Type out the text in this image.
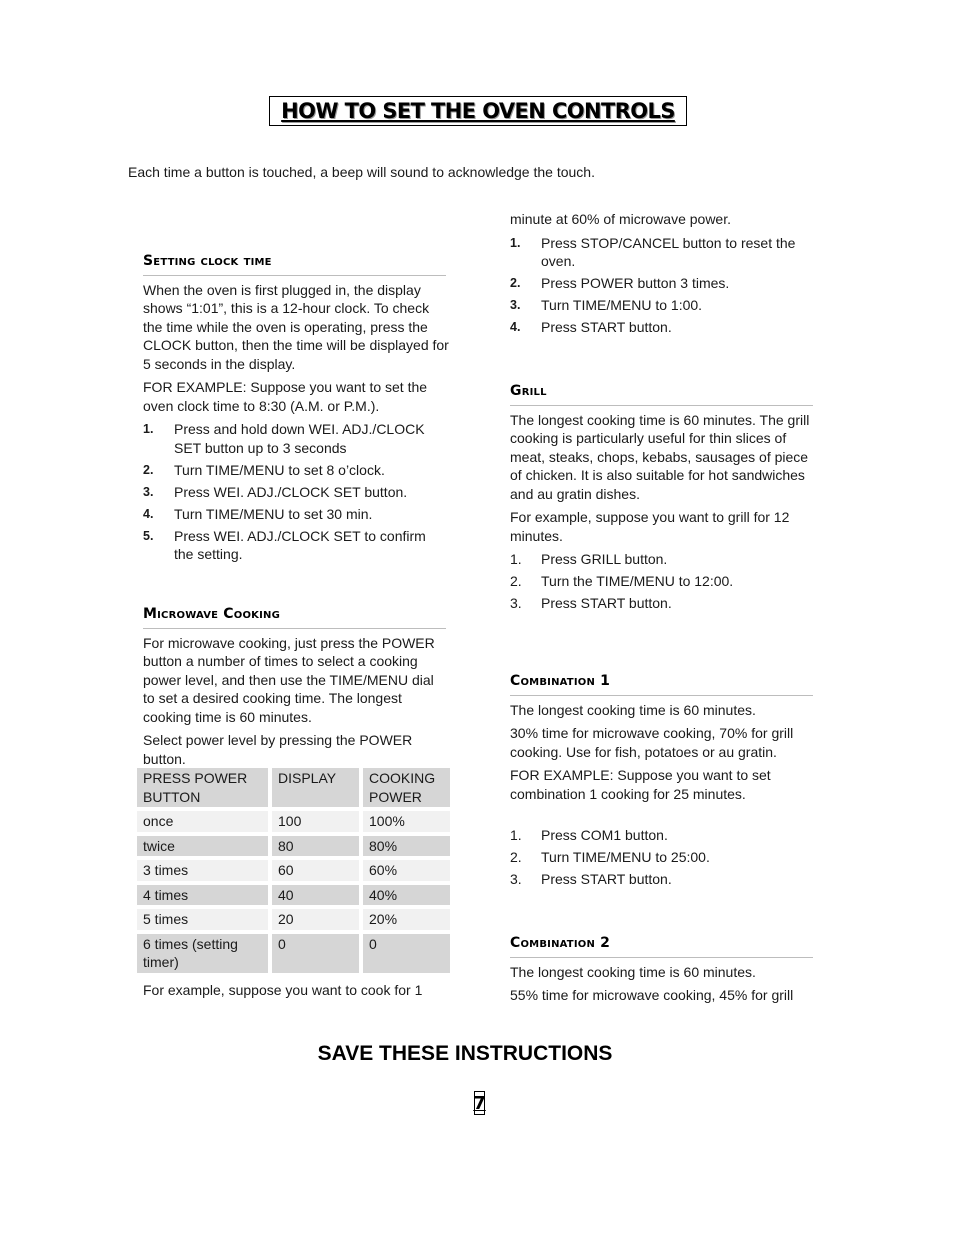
HOW TO SET THE OVEN CONTROLS
Each time a button is touched, a beep will sound to acknowledge the touch.
Setting clock time

When the oven is first plugged in, the display shows “1:01”, this is a 12-hour clock. To check the time while the oven is operating, press the CLOCK button, then the time will be displayed for 5 seconds in the display.

FOR EXAMPLE: Suppose you want to set the oven clock time to 8:30 (A.M. or P.M.).

1. Press and hold down WEI. ADJ./CLOCK SET button up to 3 seconds
2. Turn TIME/MENU to set 8 o’clock.
3. Press WEI. ADJ./CLOCK SET button.
4. Turn TIME/MENU to set 30 min.
5. Press WEI. ADJ./CLOCK SET to confirm the setting.
Microwave Cooking

For microwave cooking, just press the POWER button a number of times to select a cooking power level, and then use the TIME/MENU dial to set a desired cooking time. The longest cooking time is 60 minutes.

Select power level by pressing the POWER button.

PRESS POWER BUTTON	DISPLAY	COOKING POWER
once	100	100%
twice	80	80%
3 times	60	60%
4 times	40	40%
5 times	20	20%
6 times (setting timer)	0	0

For example, suppose you want to cook for 1

minute at 60% of microwave power.

1. Press STOP/CANCEL button to reset the oven.
2. Press POWER button 3 times.
3. Turn TIME/MENU to 1:00.
4. Press START button.
Grill

The longest cooking time is 60 minutes. The grill cooking is particularly useful for thin slices of meat, steaks, chops, kebabs, sausages of piece of chicken. It is also suitable for hot sandwiches and au gratin dishes.

For example, suppose you want to grill for 12 minutes.

1. Press GRILL button.
2. Turn the TIME/MENU to 12:00.
3. Press START button.
Combination 1

The longest cooking time is 60 minutes.

30% time for microwave cooking, 70% for grill cooking. Use for fish, potatoes or au gratin.

FOR EXAMPLE: Suppose you want to set combination 1 cooking for 25 minutes.

1. Press COM1 button.
2. Turn TIME/MENU to 25:00.
3. Press START button.
Combination 2

The longest cooking time is 60 minutes.

55% time for microwave cooking, 45% for grill

SAVE THESE INSTRUCTIONS
7
